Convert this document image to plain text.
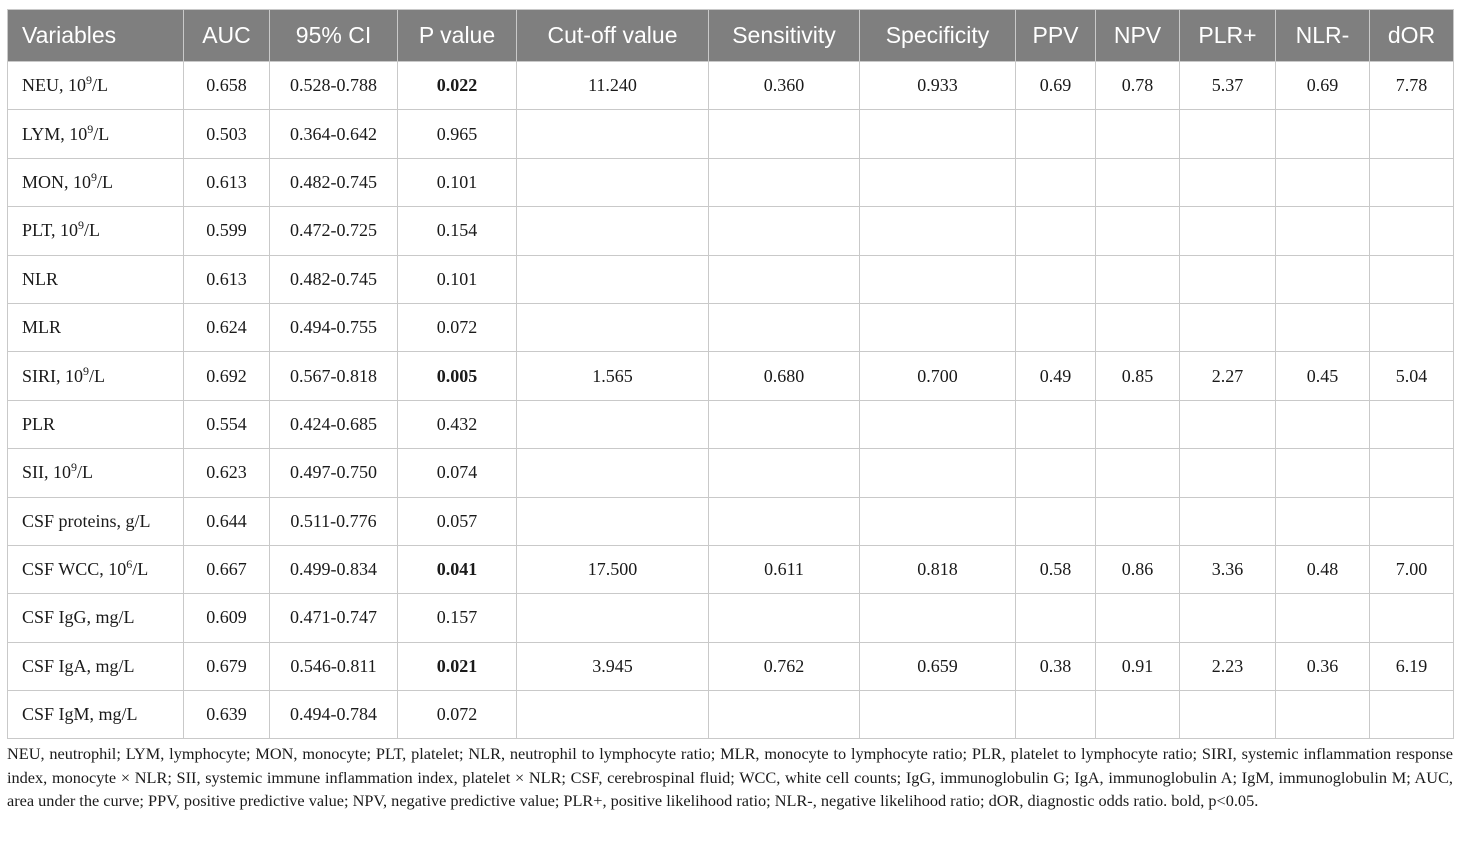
Variables	AUC	95% CI	P value	Cut-off value	Sensitivity	Specificity	PPV	NPV	PLR+	NLR-	dOR
NEU, $10^9/L$	0.658	0.528-0.788	0.022	11.240	0.360	0.933	0.69	0.78	5.37	0.69	7.78
LYM, $10^9/L$	0.503	0.364-0.642	0.965								
MON, $10^9/L$	0.613	0.482-0.745	0.101								
PLT, $10^9/L$	0.599	0.472-0.725	0.154								
NLR	0.613	0.482-0.745	0.101								
MLR	0.624	0.494-0.755	0.072								
SIRI, $10^9/L$	0.692	0.567-0.818	0.005	1.565	0.680	0.700	0.49	0.85	2.27	0.45	5.04
PLR	0.554	0.424-0.685	0.432								
SII, $10^9/L$	0.623	0.497-0.750	0.074								
CSF proteins, g/L	0.644	0.511-0.776	0.057								
CSF WCC, $10^6/L$	0.667	0.499-0.834	0.041	17.500	0.611	0.818	0.58	0.86	3.36	0.48	7.00
CSF IgG, mg/L	0.609	0.471-0.747	0.157								
CSF IgA, mg/L	0.679	0.546-0.811	0.021	3.945	0.762	0.659	0.38	0.91	2.23	0.36	6.19
CSF IgM, mg/L	0.639	0.494-0.784	0.072								

NEU, neutrophil; LYM, lymphocyte; MON, monocyte; PLT, platelet; NLR, neutrophil to lymphocyte ratio; MLR, monocyte to lymphocyte ratio; PLR, platelet to lymphocyte ratio; SIRI, systemic inflammation response index, monocyte × NLR; SII, systemic immune inflammation index, platelet × NLR; CSF, cerebrospinal fluid; WCC, white cell counts; IgG, immunoglobulin G; IgA, immunoglobulin A; IgM, immunoglobulin M; AUC, area under the curve; PPV, positive predictive value; NPV, negative predictive value; PLR+, positive likelihood ratio; NLR-, negative likelihood ratio; dOR, diagnostic odds ratio. bold, p<0.05.
